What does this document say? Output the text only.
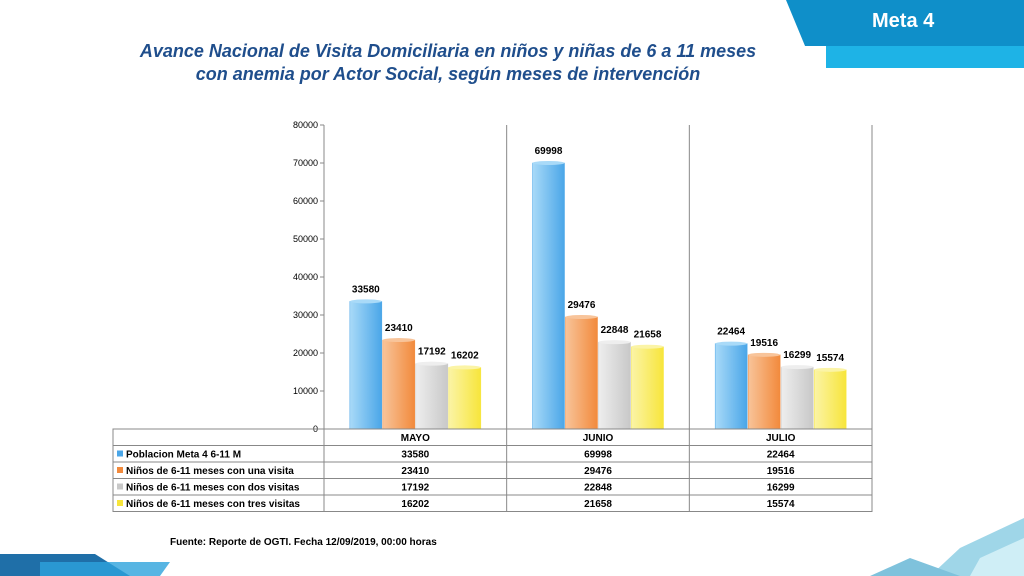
Meta 4
Avance Nacional de Visita Domiciliaria en niños y niñas de 6 a 11 meses
con anemia por Actor Social, según meses de intervención
0
10000
20000
30000
40000
50000
60000
70000
80000
33580
23410
17192 16202
69998
29476
22848 21658	22464
19516
16299 15574
MAYO	JUNIO	JULIO
Poblacion Meta 4 6-11 M	33580	69998	22464
Niños de 6-11 meses con una visita	23410	29476	19516
Niños de 6-11 meses con dos visitas	17192	22848	16299
Niños de 6-11 meses con tres visitas	16202	21658	15574
Fuente: Reporte de OGTI. Fecha 12/09/2019, 00:00 horas
